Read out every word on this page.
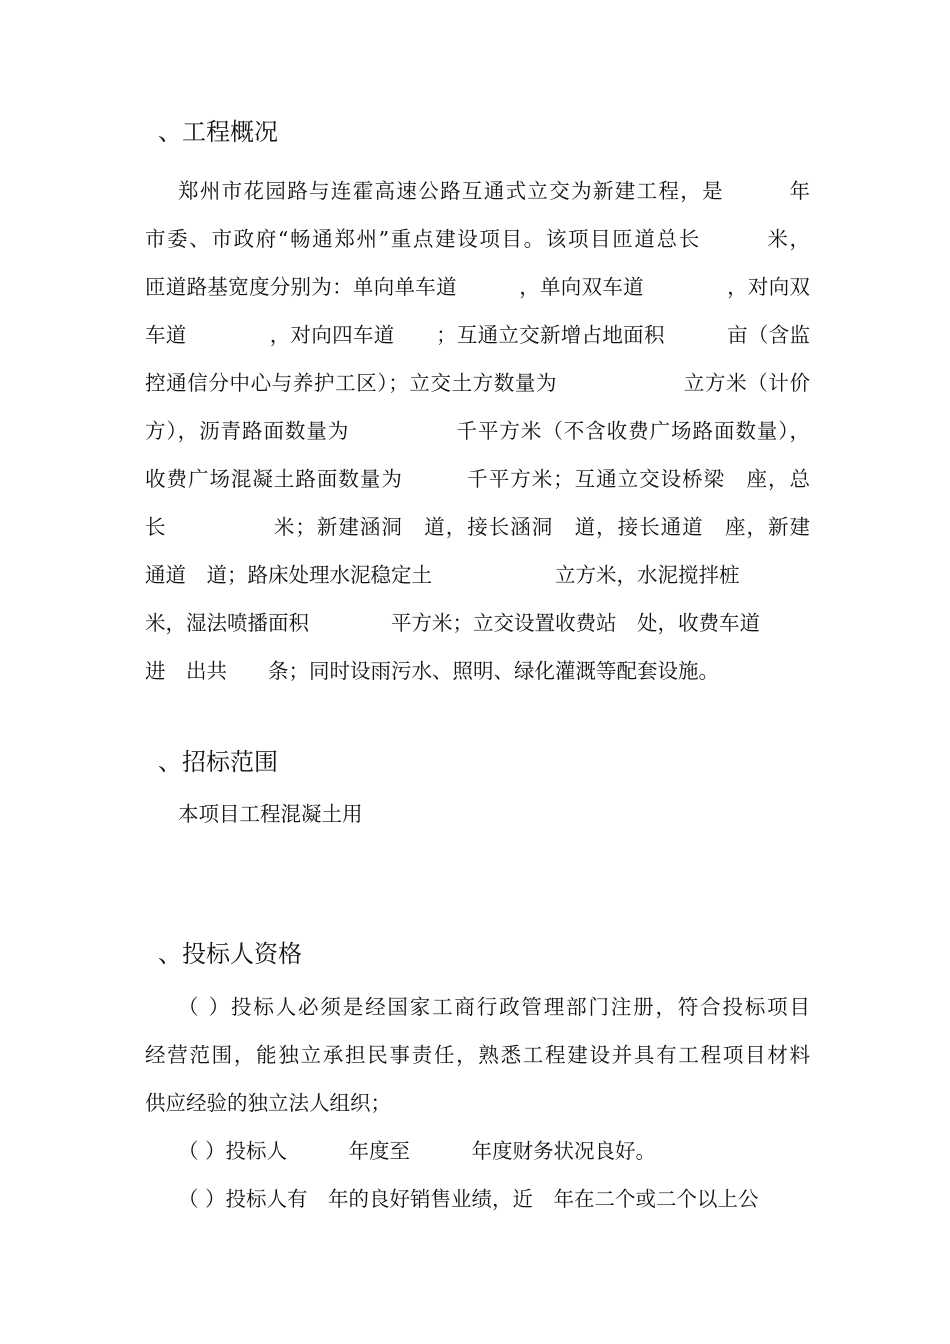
、工程概况

郑州市花园路与连霍高速公路互通式立交为新建工程，是　　　年

市委、市政府“畅通郑州”重点建设项目。该项目匝道总长　　　米，

匝道路基宽度分别为：单向单车道　　　，单向双车道　　　　，对向双

车道　　　　，对向四车道　　；互通立交新增占地面积　　　亩（含监

控通信分中心与养护工区）；立交土方数量为　　　　　　立方米（计价

方），沥青路面数量为　　　　　千平方米（不含收费广场路面数量），

收费广场混凝土路面数量为　　　千平方米；互通立交设桥梁　座，总

长　　　　　米；新建涵洞　道，接长涵洞　道，接长通道　座，新建

通道　道；路床处理水泥稳定土　　　　　　立方米，水泥搅拌桩

米，湿法喷播面积　　　　平方米；立交设置收费站　处，收费车道

进　出共　　条；同时设雨污水、照明、绿化灌溉等配套设施。

、招标范围

本项目工程混凝土用

、投标人资格

（ ）投标人必须是经国家工商行政管理部门注册，符合投标项目

经营范围，能独立承担民事责任，熟悉工程建设并具有工程项目材料

供应经验的独立法人组织；

（ ）投标人　　　年度至　　　年度财务状况良好。

（ ）投标人有　年的良好销售业绩，近　年在二个或二个以上公
